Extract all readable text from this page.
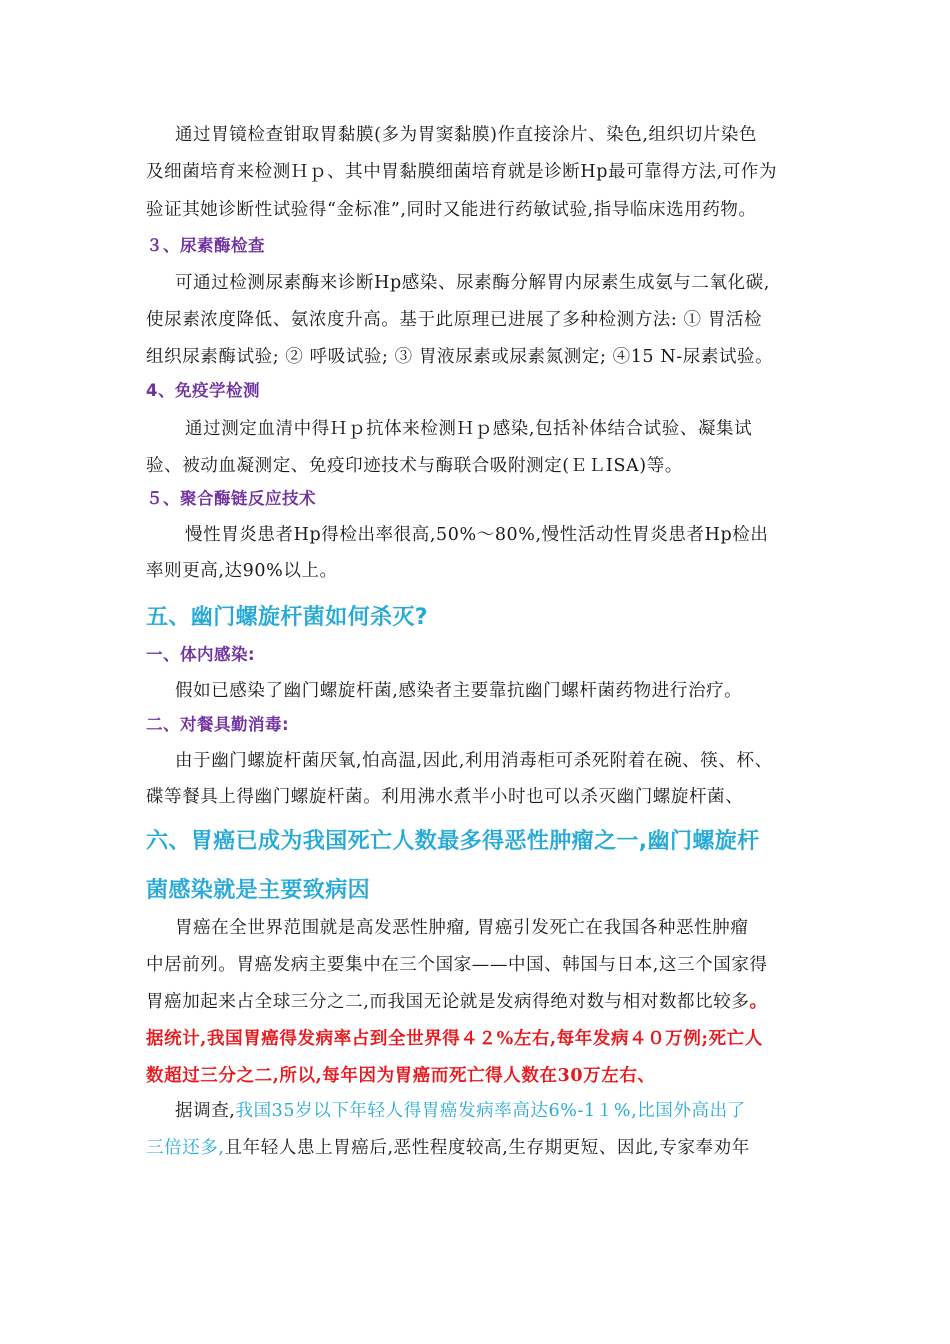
通过胃镜检查钳取胃黏膜(多为胃窦黏膜)作直接涂片、染色,组织切片染色
及细菌培育来检测Ｈｐ、其中胃黏膜细菌培育就是诊断Hp最可靠得方法,可作为
验证其她诊断性试验得“金标准”,同时又能进行药敏试验,指导临床选用药物。
３、尿素酶检查
可通过检测尿素酶来诊断Hp感染、尿素酶分解胃内尿素生成氨与二氧化碳,
使尿素浓度降低、氨浓度升高。基于此原理已进展了多种检测方法: ① 胃活检
组织尿素酶试验; ② 呼吸试验; ③ 胃液尿素或尿素氮测定; ④15 N-尿素试验。
4、免疫学检测
通过测定血清中得Ｈｐ抗体来检测Ｈｐ感染,包括补体结合试验、凝集试
验、被动血凝测定、免疫印迹技术与酶联合吸附测定(ＥＬISA)等。
５、聚合酶链反应技术
慢性胃炎患者Hp得检出率很高,50%～80%,慢性活动性胃炎患者Hp检出
率则更高,达90%以上。
五、幽门螺旋杆菌如何杀灭?
一、体内感染:
假如已感染了幽门螺旋杆菌,感染者主要靠抗幽门螺杆菌药物进行治疗。
二、对餐具勤消毒:
由于幽门螺旋杆菌厌氧,怕高温,因此,利用消毒柜可杀死附着在碗、筷、杯、
碟等餐具上得幽门螺旋杆菌。利用沸水煮半小时也可以杀灭幽门螺旋杆菌、
六、胃癌已成为我国死亡人数最多得恶性肿瘤之一,幽门螺旋杆
菌感染就是主要致病因
胃癌在全世界范围就是高发恶性肿瘤, 胃癌引发死亡在我国各种恶性肿瘤
中居前列。胃癌发病主要集中在三个国家——中国、韩国与日本,这三个国家得
胃癌加起来占全球三分之二,而我国无论就是发病得绝对数与相对数都比较多。
据统计,我国胃癌得发病率占到全世界得４２%左右,每年发病４０万例;死亡人
数超过三分之二,所以,每年因为胃癌而死亡得人数在30万左右、
据调查,我国35岁以下年轻人得胃癌发病率高达6%-1１%,比国外高出了
三倍还多,且年轻人患上胃癌后,恶性程度较高,生存期更短、因此,专家奉劝年
